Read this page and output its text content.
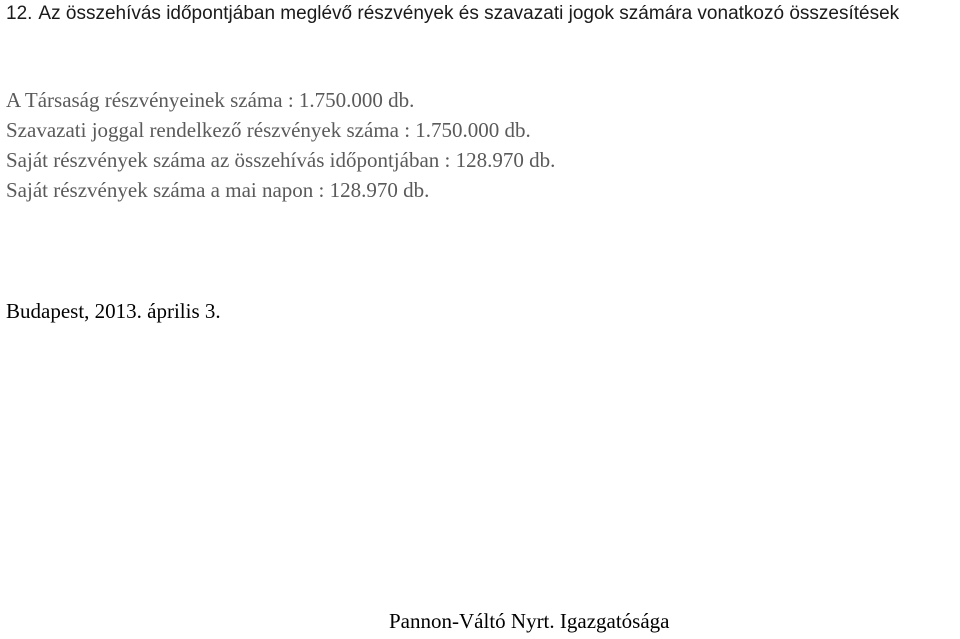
12. Az összehívás időpontjában meglévő részvények és szavazati jogok számára vonatkozó összesítések
A Társaság részvényeinek száma : 1.750.000 db.
Szavazati joggal rendelkező részvények száma : 1.750.000 db.
Saját részvények száma az összehívás időpontjában : 128.970 db.
Saját részvények száma a mai napon : 128.970 db.
Budapest, 2013. április 3.
Pannon-Váltó Nyrt. Igazgatósága
